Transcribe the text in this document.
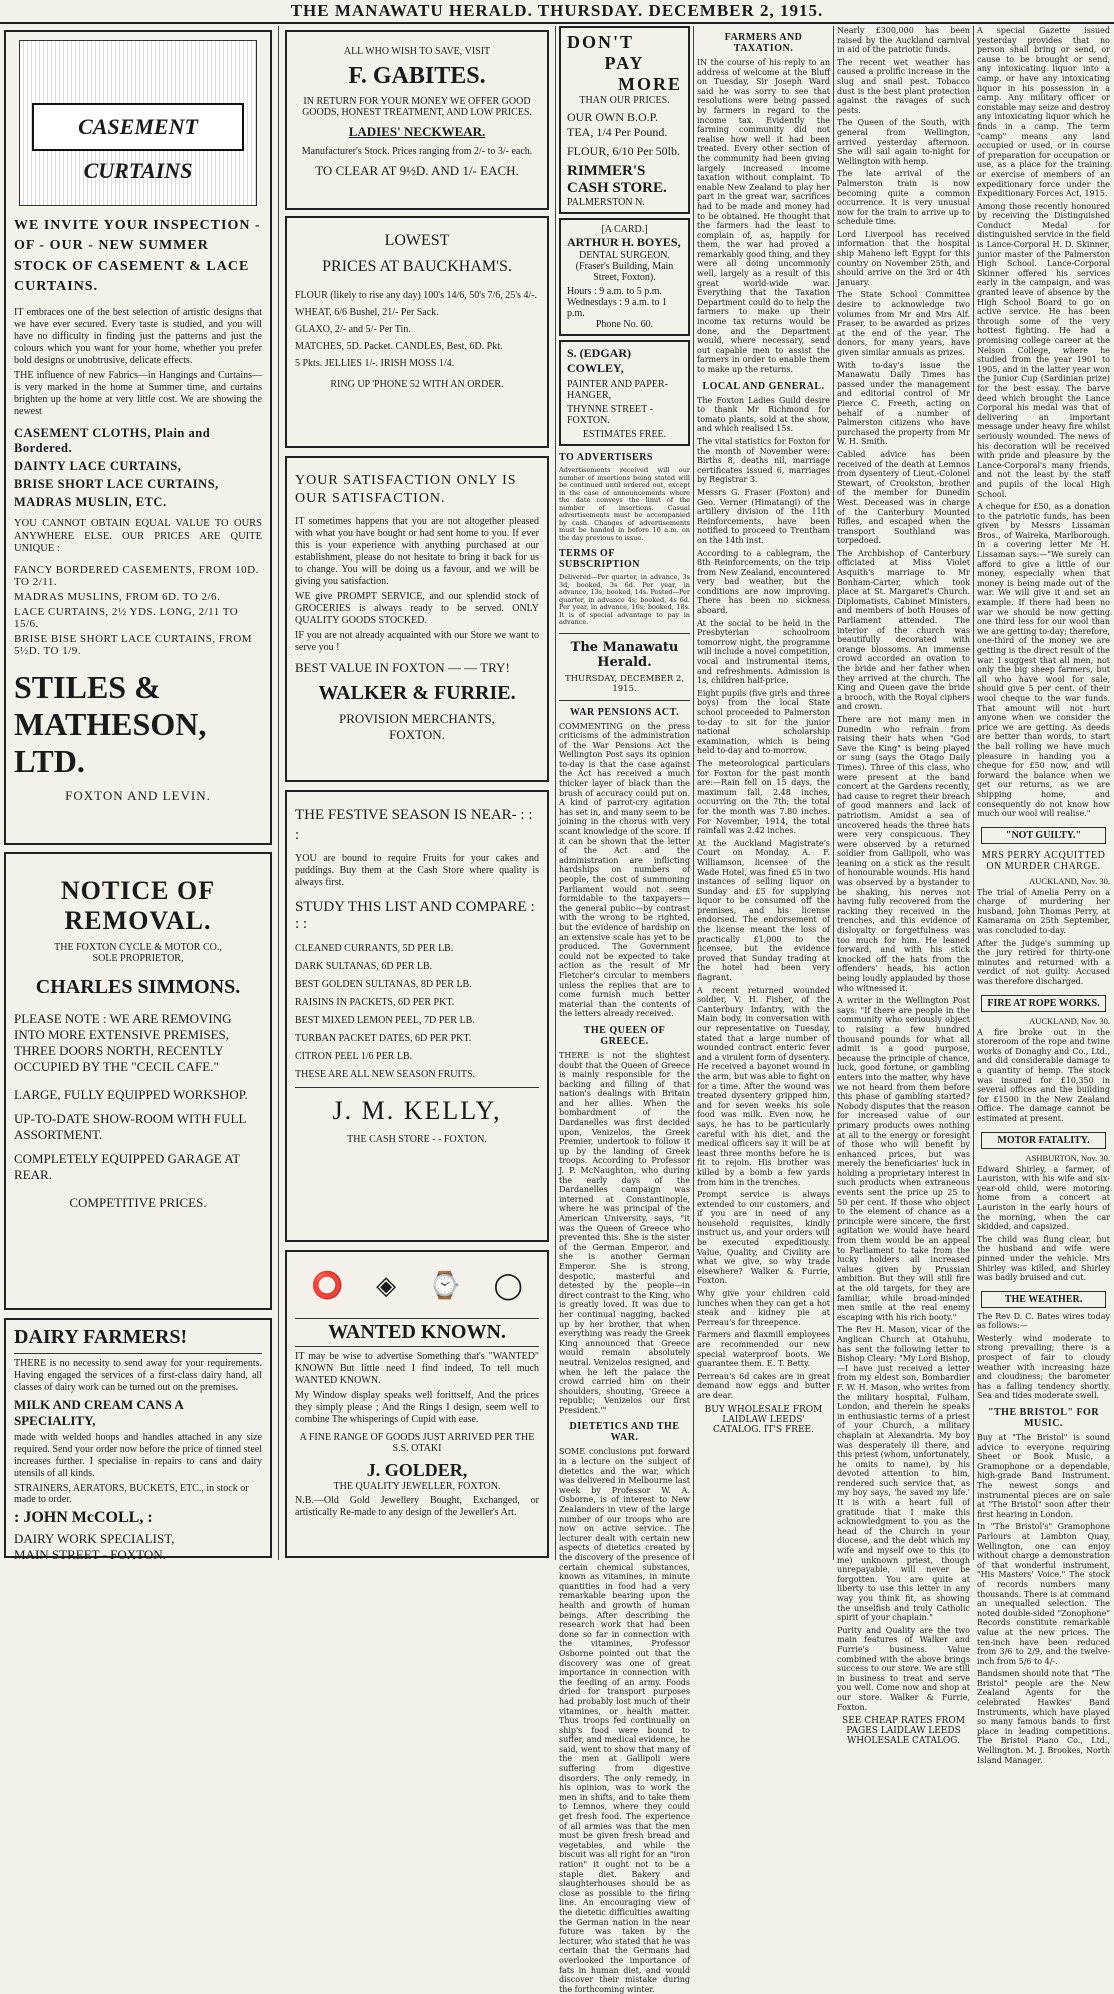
THE MANAWATU HERALD. THURSDAY. DECEMBER 2, 1915.
CASEMENT CURTAINS
WE INVITE YOUR INSPECTION - OF - OUR - NEW SUMMER STOCK OF CASEMENT & LACE CURTAINS.

IT embraces one of the best selection of artistic designs that we have ever secured. Every taste is studied, and you will have no difficulty in finding just the patterns and just the colours which you want for your home, whether you prefer bold designs or unobtrusive, delicate effects.

THE influence of new Fabrics—in Hangings and Curtains—is very marked in the home at Summer time, and curtains brighten up the home at very little cost. We are showing the newest

CASEMENT CLOTHS, Plain and Bordered.
DAINTY LACE CURTAINS,
BRISE SHORT LACE CURTAINS,
MADRAS MUSLIN, ETC.

YOU CANNOT OBTAIN EQUAL VALUE TO OURS ANYWHERE ELSE. OUR PRICES ARE QUITE UNIQUE :

FANCY BORDERED CASEMENTS, FROM 10D. TO 2/11.
MADRAS MUSLINS, FROM 6D. TO 2/6.
LACE CURTAINS, 2½ YDS. LONG, 2/11 TO 15/6.
BRISE BISE SHORT LACE CURTAINS, FROM 5½D. TO 1/9.
STILES &
MATHESON, LTD.
FOXTON AND LEVIN.
NOTICE OF REMOVAL.
THE FOXTON CYCLE & MOTOR CO.,
SOLE PROPRIETOR,
CHARLES SIMMONS.
PLEASE NOTE : WE ARE REMOVING INTO MORE EXTENSIVE PREMISES, THREE DOORS NORTH, RECENTLY OCCUPIED BY THE "CECIL CAFE."
LARGE, FULLY EQUIPPED WORKSHOP.
UP-TO-DATE SHOW-ROOM WITH FULL ASSORTMENT.
COMPLETELY EQUIPPED GARAGE AT REAR.
COMPETITIVE PRICES.
DAIRY FARMERS!

THERE is no necessity to send away for your requirements. Having engaged the services of a first-class dairy hand, all classes of dairy work can be turned out on the premises.

MILK AND CREAM CANS A SPECIALITY,

made with welded hoops and handles attached in any size required. Send your order now before the price of tinned steel increases further. I specialise in repairs to cans and dairy utensils of all kinds.

STRAINERS, AERATORS, BUCKETS, ETC., in stock or made to order.
: JOHN McCOLL, :
DAIRY WORK SPECIALIST,
MAIN STREET - FOXTON.
ALL WHO WISH TO SAVE, VISIT
F. GABITES.
IN RETURN FOR YOUR MONEY WE OFFER GOOD GOODS, HONEST TREATMENT, AND LOW PRICES.
LADIES' NECKWEAR.
Manufacturer's Stock. Prices ranging from 2/- to 3/- each.
TO CLEAR AT 9½D. AND 1/- EACH.
LOWEST
PRICES AT BAUCKHAM'S.
FLOUR (likely to rise any day) 100's 14/6, 50's 7/6, 25's 4/-.
WHEAT, 6/6 Bushel, 21/- Per Sack.
GLAXO, 2/- and 5/- Per Tin.
MATCHES, 5D. Packet. CANDLES, Best, 6D. Pkt.
5 Pkts. JELLIES 1/-. IRISH MOSS 1/4.
RING UP 'PHONE 52 WITH AN ORDER.
YOUR SATISFACTION ONLY IS OUR SATISFACTION.

IT sometimes happens that you are not altogether pleased with what you have bought or had sent home to you. If ever this is your experience with anything purchased at our establishment, please do not hesitate to bring it back for us to change. You will be doing us a favour, and we will be giving you satisfaction.

WE give PROMPT SERVICE, and our splendid stock of GROCERIES is always ready to be served. ONLY QUALITY GOODS STOCKED.

IF you are not already acquainted with our Store we want to serve you !

BEST VALUE IN FOXTON — — TRY!
WALKER & FURRIE.
PROVISION MERCHANTS,
FOXTON.
THE FESTIVE SEASON IS NEAR- : : :

YOU are bound to require Fruits for your cakes and puddings. Buy them at the Cash Store where quality is always first.

STUDY THIS LIST AND COMPARE : : :
CLEANED CURRANTS, 5D PER LB.
DARK SULTANAS, 6D PER LB.
BEST GOLDEN SULTANAS, 8D PER LB.
RAISINS IN PACKETS, 6D PER PKT.
BEST MIXED LEMON PEEL, 7D PER LB.
TURBAN PACKET DATES, 6D PER PKT.
CITRON PEEL 1/6 PER LB.
THESE ARE ALL NEW SEASON FRUITS.
J. M. KELLY,
THE CASH STORE - - FOXTON.
⭕ ◈ ⌚ ◯
WANTED KNOWN.

IT may be wise to advertise Something that's "WANTED" KNOWN But little need I find indeed, To tell much WANTED KNOWN.

My Window display speaks well forittself, And the prices they simply please ; And the Rings I design, seem well to combine The whisperings of Cupid with ease.

A FINE RANGE OF GOODS JUST ARRIVED PER THE S.S. OTAKI
J. GOLDER,
THE QUALITY JEWELLER, FOXTON.

N.B.—Old Gold Jewellery Bought, Exchanged, or artistically Re-made to any design of the Jeweller's Art.

DON'T
PAY
MORE
THAN OUR PRICES.
OUR OWN B.O.P. TEA, 1/4 Per Pound.
FLOUR, 6/10 Per 50lb.
RIMMER'S CASH STORE.
PALMERSTON N.
[A CARD.]
ARTHUR H. BOYES,
DENTAL SURGEON.
(Fraser's Building, Main Street, Foxton).
Hours : 9 a.m. to 5 p.m. Wednesdays : 9 a.m. to 1 p.m.
Phone No. 60.
S. (EDGAR) COWLEY,
PAINTER AND PAPER-HANGER,
THYNNE STREET - FOXTON.
ESTIMATES FREE.
TO ADVERTISERS

Advertisements received will our number of insertions being stated will be continued until ordered out, except in the case of announcements where the date conveys the limit of the number of insertions. Casual advertisements must be accompanied by cash. Changes of advertisements must be handed in before 10 a.m. on the day previous to issue.

TERMS OF SUBSCRIPTION

Delivered—Per quarter, in advance, 3s 3d, booked, 3s 6d. Per year, in advance, 13s; booked, 14s. Posted—Per quarter, in advance 4s; booked, 4s 6d. Per year, in advance, 16s; booked, 18s. It is of special advantage to pay in advance.

The Manawatu Herald.
THURSDAY, DECEMBER 2, 1915.
WAR PENSIONS ACT.

COMMENTING on the press criticisms of the administration of the War Pensions Act the Wellington Post says its opinion to-day is that the case against the Act has received a much thicker layer of black than the brush of accuracy could put on. A kind of parrot-cry agitation has set in, and many seem to be joining in the chorus with very scant knowledge of the score. If it can be shown that the letter of the Act and the administration are inflicting hardships on numbers of people, the cost of summoning Parliament would not seem formidable to the taxpayers—the general public—by contrast with the wrong to be righted, but the evidence of hardship on an extensive scale has yet to be produced. The Government could not be expected to take action as the result of Mr Fletcher's circular to members unless the replies that are to come furnish much better material than the contents of the letters already received.

THE QUEEN OF GREECE.

THERE is not the slightest doubt that the Queen of Greece is mainly responsible for the backing and filling of that nation's dealings with Britain and her allies. When the bombardment of the Dardanelles was first decided upon, Venizelos, the Greek Premier, undertook to follow it up by the landing of Greek troops. According to Professor J. P. McNaughton, who during the early days of the Dardanelles campaign was interned at Constantinople, where he was principal of the American University, says, "it was the Queen of Greece who prevented this. She is the sister of the German Emperor, and she is another German Emperor. She is strong, despotic, masterful and detested by the people—in direct contrast to the King, who is greatly loved. It was due to her continual nagging, backed up by her brother, that when everything was ready the Greek King announced that Greece would remain absolutely neutral. Venizelos resigned, and when he left the palace the crowd carried him on their shoulders, shouting, 'Greece a republic; Venizelos our first President.'"

DIETETICS AND THE WAR.

SOME conclusions put forward in a lecture on the subject of dietetics and the war, which was delivered in Melbourne last week by Professor W. A. Osborne, is of interest to New Zealanders in view of the large number of our troops who are now on active service. The lecturer dealt with certain new aspects of dietetics created by the discovery of the presence of certain chemical substances, known as vitamines, in minute quantities in food had a very remarkable bearing upon the health and growth of human beings. After describing the research work that had been done so far in connection with the vitamines, Professor Osborne pointed out that the discovery was one of great importance in connection with the feeding of an army. Foods dried for transport purposes had probably lost much of their vitamines, or health matter. Thus troops fed continually on ship's food were bound to suffer, and medical evidence, he said, went to show that many of the men at Gallipoli were suffering from digestive disorders. The only remedy, in his opinion, was to work the men in shifts, and to take them to Lemnos, where they could get fresh food. The experience of all armies was that the men must be given fresh bread and vegetables, and while the biscuit was all right for an "iron ration" it ought not to be a staple diet. Bakery and slaughterhouses should be as close as possible to the firing line. An encouraging view of the dietetic difficulties awaiting the German nation in the near future was taken by the lecturer, who stated that he was certain that the Germans had overlooked the importance of fats in human diet, and would discover their mistake during the forthcoming winter.

FARMERS AND TAXATION.

IN the course of his reply to an address of welcome at the Bluff on Tuesday, Sir Joseph Ward said he was sorry to see that resolutions were being passed by farmers in regard to the income tax. Evidently the farming community did not realise how well it had been treated. Every other section of the community had been giving largely increased income taxation without complaint. To enable New Zealand to play her part in the great war, sacrifices had to be made and money had to be obtained. He thought that the farmers had the least to complain of, as, happily for them, the war had proved a remarkably good thing, and they were all doing uncommonly well, largely as a result of this great world-wide war. Everything that the Taxation Department could do to help the farmers to make up their income tax returns would be done, and the Department would, where necessary, send out capable men to assist the farmers in order to enable them to make up the returns.

LOCAL AND GENERAL.

The Foxton Ladies Guild desire to thank Mr Richmond for tomato plants, sold at the show, and which realised 15s.

The vital statistics for Foxton for the month of November were: Births 8, deaths nil, marriage certificates issued 6, marriages by Registrar 3.

Messrs G. Fraser (Foxton) and Geo. Verner (Himatangi) of the artillery division of the 11th Reinforcements, have been notified to proceed to Trentham on the 14th inst.

According to a cablegram, the 8th Reinforcements, on the trip from New Zealand, encountered very bad weather, but the conditions are now improving. There has been no sickness aboard.

At the social to be held in the Presbyterian schoolroom tomorrow night, the programme will include a novel competition, vocal and instrumental items, and refreshments. Admission is 1s, children half-price.

Eight pupils (five girls and three boys) from the local State school proceeded to Palmerston to-day to sit for the junior national scholarship examination, which is being held to-day and to-morrow.

The meteorological particulars for Foxton for the past month are:—Rain fell on 15 days, the maximum fall, 2.48 inches, occurring on the 7th; the total for the month was 7.80 inches. For November, 1914, the total rainfall was 2.42 inches.

At the Auckland Magistrate's Court on Monday, A. F. Williamson, licensee of the Wade Hotel, was fined £5 in two instances of selling liquor on Sunday and £5 for supplying liquor to be consumed off the premises, and his license endorsed. The endorsement of the license meant the loss of practically £1,000 to the licensee, but the evidence proved that Sunday trading at the hotel had been very flagrant.

A recent returned wounded soldier, V. H. Fisher, of the Canterbury Infantry, with the Main body, in conversation with our representative on Tuesday, stated that a large number of wounded contract enteric fever and a virulent form of dysentery. He received a bayonet wound in the arm, but was able to fight on for a time. After the wound was treated dysentery gripped him, and for seven weeks his sole food was milk. Even now, he says, he has to be particularly careful with his diet, and the medical officers say it will be at least three months before he is fit to rejoin. His brother was killed by a bomb a few yards from him in the trenches.

Prompt service is always extended to our customers, and if you are in need of any household requisites, kindly instruct us, and your orders will be executed expeditiously. Value, Quality, and Civility are what we give, so why trade elsewhere? Walker & Furrie, Foxton.

Why give your children cold lunches when they can get a hot steak and kidney pie at Perreau's for threepence.

Farmers and flaxmill employees are recommended our new special waterproof boots. We guarantee them. E. T. Betty.

Perreau's 6d cakes are in great demand now eggs and butter are dear.

BUY WHOLESALE FROM LAIDLAW LEEDS' CATALOG. IT'S FREE.

Nearly £300,000 has been raised by the Auckland carnival in aid of the patriotic funds.

The recent wet weather has caused a prolific increase in the slug and snail pest. Tobacco dust is the best plant protection against the ravages of such pests.

The Queen of the South, with general from Wellington, arrived yesterday afternoon. She will sail again to-night for Wellington with hemp.

The late arrival of the Palmerston train is now becoming quite a common occurrence. It is very unusual now for the train to arrive up to schedule time.

Lord Liverpool has received information that the hospital ship Maheno left Egypt for this country on November 25th, and should arrive on the 3rd or 4th January.

The State School Committee desire to acknowledge two volumes from Mr and Mrs Alf. Fraser, to be awarded as prizes at the end of the year. The donors, for many years, have given similar annuals as prizes.

With to-day's issue the Manawatu Daily Times has passed under the management and editorial control of Mr Pierce C. Freeth, acting on behalf of a number of Palmerston citizens who have purchased the property from Mr W. H. Smith.

Cabled advice has been received of the death at Lemnos from dysentery of Lieut.-Colonel Stewart, of Crookston, brother of the member for Dunedin West. Deceased was in charge of the Canterbury Mounted Rifles, and escaped when the transport Southland was torpedoed.

The Archbishop of Canterbury officiated at Miss Violet Asquith's marriage to Mr Bonham-Carter, which took place at St. Margaret's Church. Diplomatists, Cabinet Ministers, and members of both Houses of Parliament attended. The interior of the church was beautifully decorated with orange blossoms. An immense crowd accorded an ovation to the bride and her father when they arrived at the church. The King and Queen gave the bride a brooch, with the Royal ciphers and crown.

There are not many men in Dunedin who refrain from raising their hats when "God Save the King" is being played or sung (says the Otago Daily Times). Three of this class, who were present at the band concert at the Gardens recently, had cause to regret their breach of good manners and lack of patriotism. Amidst a sea of uncovered heads the three hats were very conspicuous. They were observed by a returned soldier from Gallipoli, who was leaning on a stick as the result of honourable wounds. His hand was observed by a bystander to be shaking, his nerves not having fully recovered from the racking they received in the trenches, and this evidence of disloyalty or forgetfulness was too much for him. He leaned forward, and with his stick knocked off the hats from the offenders' heads, his action being loudly applauded by those who witnessed it.

A writer in the Wellington Post says: "If there are people in the community who seriously object to raising a few hundred thousand pounds for what all admit is a good purpose, because the principle of chance, luck, good fortune, or gambling enters into the matter, why have we not heard from them before this phase of gambling started? Nobody disputes that the reason for increased value of our primary products owes nothing at all to the energy or foresight of those who will benefit by enhanced prices, but was merely the beneficiaries' luck in holding a proprietary interest in such products when extraneous events sent the price up 25 to 50 per cent. If those who object to the element of chance as a principle were sincere, the first agitation we would have heard from them would be an appeal to Parliament to take from the lucky holders all increased values given by Prussian ambition. But they will still fire at the old targets, for they are familiar, while broad-minded men smile at the real enemy escaping with his rich booty."

The Rev H. Mason, vicar of the Anglican Church at Otahuhu, has sent the following letter to Bishop Cleary: "My Lord Bishop,—I have just received a letter from my eldest son, Bombardier F. W. H. Mason, who writes from the military hospital, Fulham, London, and therein he speaks in enthusiastic terms of a priest of your Church, a military chaplain at Alexandria. My boy was desperately ill there, and this priest (whom, unfortunately, he omits to name), by his devoted attention to him, rendered such service that, as my boy says, 'he saved my life.' It is with a heart full of gratitude that I make this acknowledgment to you as the head of the Church in your diocese, and the debt which my wife and myself owe to this (to me) unknown priest, though unrepayable, will never be forgotten. You are quite at liberty to use this letter in any way you think fit, as showing the unselfish and truly Catholic spirit of your chaplain."

Purity and Quality are the two main features of Walker and Furrie's business. Value combined with the above brings success to our store. We are still in business to treat and serve you well. Come now and shop at our store. Walker & Furrie, Foxton.

SEE CHEAP RATES FROM PAGES LAIDLAW LEEDS WHOLESALE CATALOG.

A special Gazette issued yesterday provides that no person shall bring or send, or cause to be brought or send, any intoxicating liquor into a camp, or have any intoxicating liquor in his possession in a camp. Any military officer or constable may seize and destroy any intoxicating liquor which he finds in a camp. The term "camp" means any land occupied or used, or in course of preparation for occupation or use, as a place for the training or exercise of members of an expeditionary force under the Expeditionary Forces Act, 1915.

Among those recently honoured by receiving the Distinguished Conduct Medal for distinguished service in the field is Lance-Corporal H. D. Skinner, junior master of the Palmerston High School. Lance-Corporal Skinner offered his services early in the campaign, and was granted leave of absence by the High School Board to go on active service. He has been through some of the very hottest fighting. He had a promising college career at the Nelson College, where he studied from the year 1901 to 1905, and in the latter year won the Junior Cup (Sardinian prize) for the best essay. The barve deed which brought the Lance Corporal his medal was that of delivering an important message under heavy fire whilst seriously wounded. The news of his decoration will be received with pride and pleasure by the Lance-Corporal's many friends, and not the least by the staff and pupils of the local High School.

A cheque for £50, as a donation to the patriotic funds, has been given by Messrs Lissaman Bros., of Waireka, Marlborough. In a covering letter Mr H. Lissaman says:—"We surely can afford to give a little of our money, especially when that money is being made out of the war. We will give it and set an example. If there had been no war we should be now getting one third less for our wool than we are getting to-day; therefore, one-third of the money we are getting is the direct result of the war. I suggest that all men, not only the big sheep farmers, but all who have wool for sale, should give 5 per cent. of their wool cheque to the war funds. That amount will not hurt anyone when we consider the price we are getting. As deeds are better than words, to start the ball rolling we have much pleasure in handing you a cheque for £50 now, and will forward the balance when we get our returns, as we are shipping home, and consequently do not know how much our wool will realise."

"NOT GUILTY."
MRS PERRY ACQUITTED ON MURDER CHARGE.
AUCKLAND, Nov. 30.

The trial of Amelia Perry on a charge of murdering her husband, John Thomas Perry, at Kamarama on 25th September, was concluded to-day.

After the Judge's summing up the jury retired for thirty-one minutes and returned with a verdict of not guilty. Accused was therefore discharged.

FIRE AT ROPE WORKS.
AUCKLAND, Nov. 30.

A fire broke out in the storeroom of the rope and twine works of Donaghy and Co., Ltd., and did considerable damage to a quantity of hemp. The stock was insured for £10,350 in several offices and the building for £1500 in the New Zealand Office. The damage cannot be estimated at present.

MOTOR FATALITY.
ASHBURTON, Nov. 30.

Edward Shirley, a farmer, of Lauriston, with his wife and six-year-old child, were motoring home from a concert at Lauriston in the early hours of the morning, when the car skidded, and capsized.

The child was flung clear, but the husband and wife were pinned under the vehicle. Mrs Shirley was killed, and Shirley was badly bruised and cut.

THE WEATHER.

The Rev D. C. Bates wires today as follows:—

Westerly wind moderate to strong prevailing; there is a prospect of fair to cloudy weather with increasing haze and cloudiness; the barometer has a falling tendency shortly. Sea and tides moderate swell.

"THE BRISTOL" FOR MUSIC.

Buy at "The Bristol" is sound advice to everyone requiring Sheet or Book Music, a Gramophone or a dependable, high-grade Band Instrument. The newest songs and instrumental pieces are on sale at "The Bristol" soon after their first hearing in London.

In "The Bristol's" Gramophone Parlours at Lambton Quay, Wellington, one can enjoy without charge a demonstration of that wonderful instrument, "His Masters' Voice." The stock of records numbers many thousands. There is at command an unequalled selection. The noted double-sided "Zonophone" Records constitute remarkable value at the new prices. The ten-inch have been reduced from 3/6 to 2/9, and the twelve-inch from 5/6 to 4/-.

Bandsmen should note that "The Bristol" people are the New Zealand Agents for the celebrated Hawkes' Band Instruments, which have played so many famous bands to first place in leading competitions. The Bristol Piano Co., Ltd., Wellington. M. J. Brookes, North Island Manager.
